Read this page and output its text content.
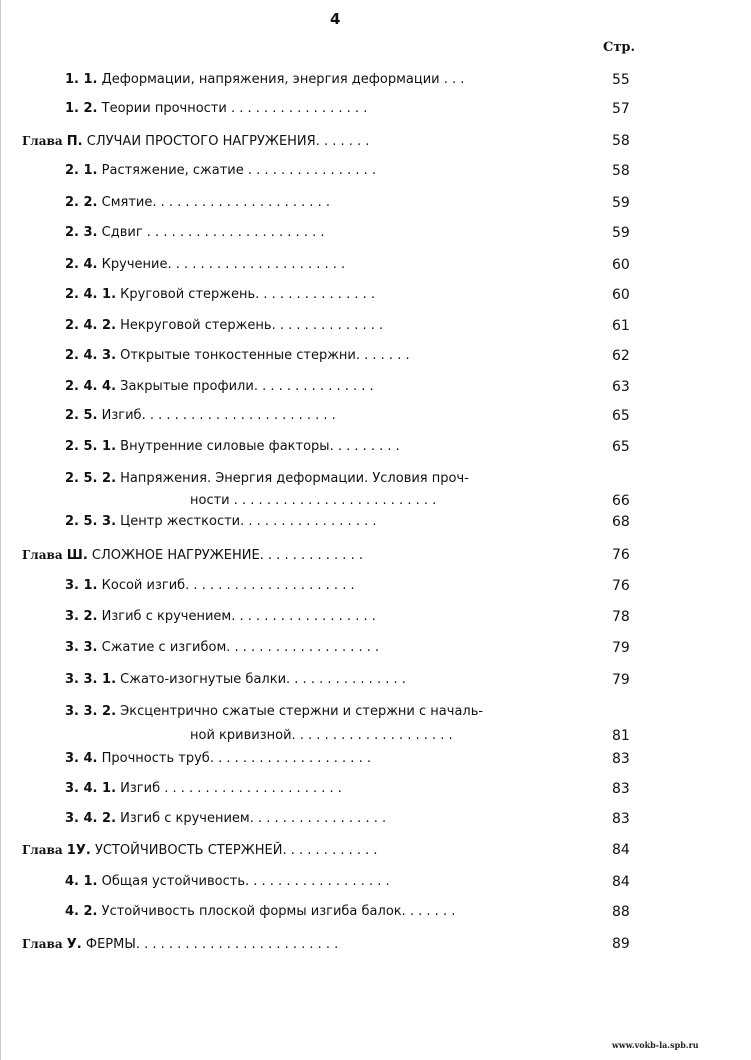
4
Стр.
1. 1. Деформации, напряжения, энергия деформации . . .	55
1. 2. Теории прочности . . . . . . . . . . . . . . . . .	57
Глава П. СЛУЧАИ ПРОСТОГО НАГРУЖЕНИЯ. . . . . . .	58
2. 1. Растяжение, сжатие . . . . . . . . . . . . . . . .	58
2. 2. Смятие. . . . . . . . . . . . . . . . . . . . . .	59
2. 3. Сдвиг . . . . . . . . . . . . . . . . . . . . . .	59
2. 4. Кручение. . . . . . . . . . . . . . . . . . . . . .	60
2. 4. 1. Круговой стержень. . . . . . . . . . . . . . .	60
2. 4. 2. Некруговой стержень. . . . . . . . . . . . . .	61
2. 4. 3. Открытые тонкостенные стержни. . . . . . .	62
2. 4. 4. Закрытые профили. . . . . . . . . . . . . . .	63
2. 5. Изгиб. . . . . . . . . . . . . . . . . . . . . . . .	65
2. 5. 1. Внутренние силовые факторы. . . . . . . . .	65
2. 5. 2. Напряжения. Энергия деформации. Условия проч-
ности . . . . . . . . . . . . . . . . . . . . . . . . .	66
2. 5. 3. Центр жесткости. . . . . . . . . . . . . . . . .	68
Глава Ш. СЛОЖНОЕ НАГРУЖЕНИЕ. . . . . . . . . . . . .	76
3. 1. Косой изгиб. . . . . . . . . . . . . . . . . . . . .	76
3. 2. Изгиб с кручением. . . . . . . . . . . . . . . . . .	78
3. 3. Сжатие с изгибом. . . . . . . . . . . . . . . . . . .	79
3. 3. 1. Сжато-изогнутые балки. . . . . . . . . . . . . . .	79
3. 3. 2. Эксцентрично сжатые стержни и стержни с началь-
ной кривизной. . . . . . . . . . . . . . . . . . . .	81
3. 4. Прочность труб. . . . . . . . . . . . . . . . . . . .	83
3. 4. 1. Изгиб . . . . . . . . . . . . . . . . . . . . . .	83
3. 4. 2. Изгиб с кручением. . . . . . . . . . . . . . . . .	83
Глава 1У. УСТОЙЧИВОСТЬ СТЕРЖНЕЙ. . . . . . . . . . . .	84
4. 1. Общая устойчивость. . . . . . . . . . . . . . . . . .	84
4. 2. Устойчивость плоской формы изгиба балок. . . . . . .	88
Глава У. ФЕРМЫ. . . . . . . . . . . . . . . . . . . . . . . . .	89
www.vokb-la.spb.ru
